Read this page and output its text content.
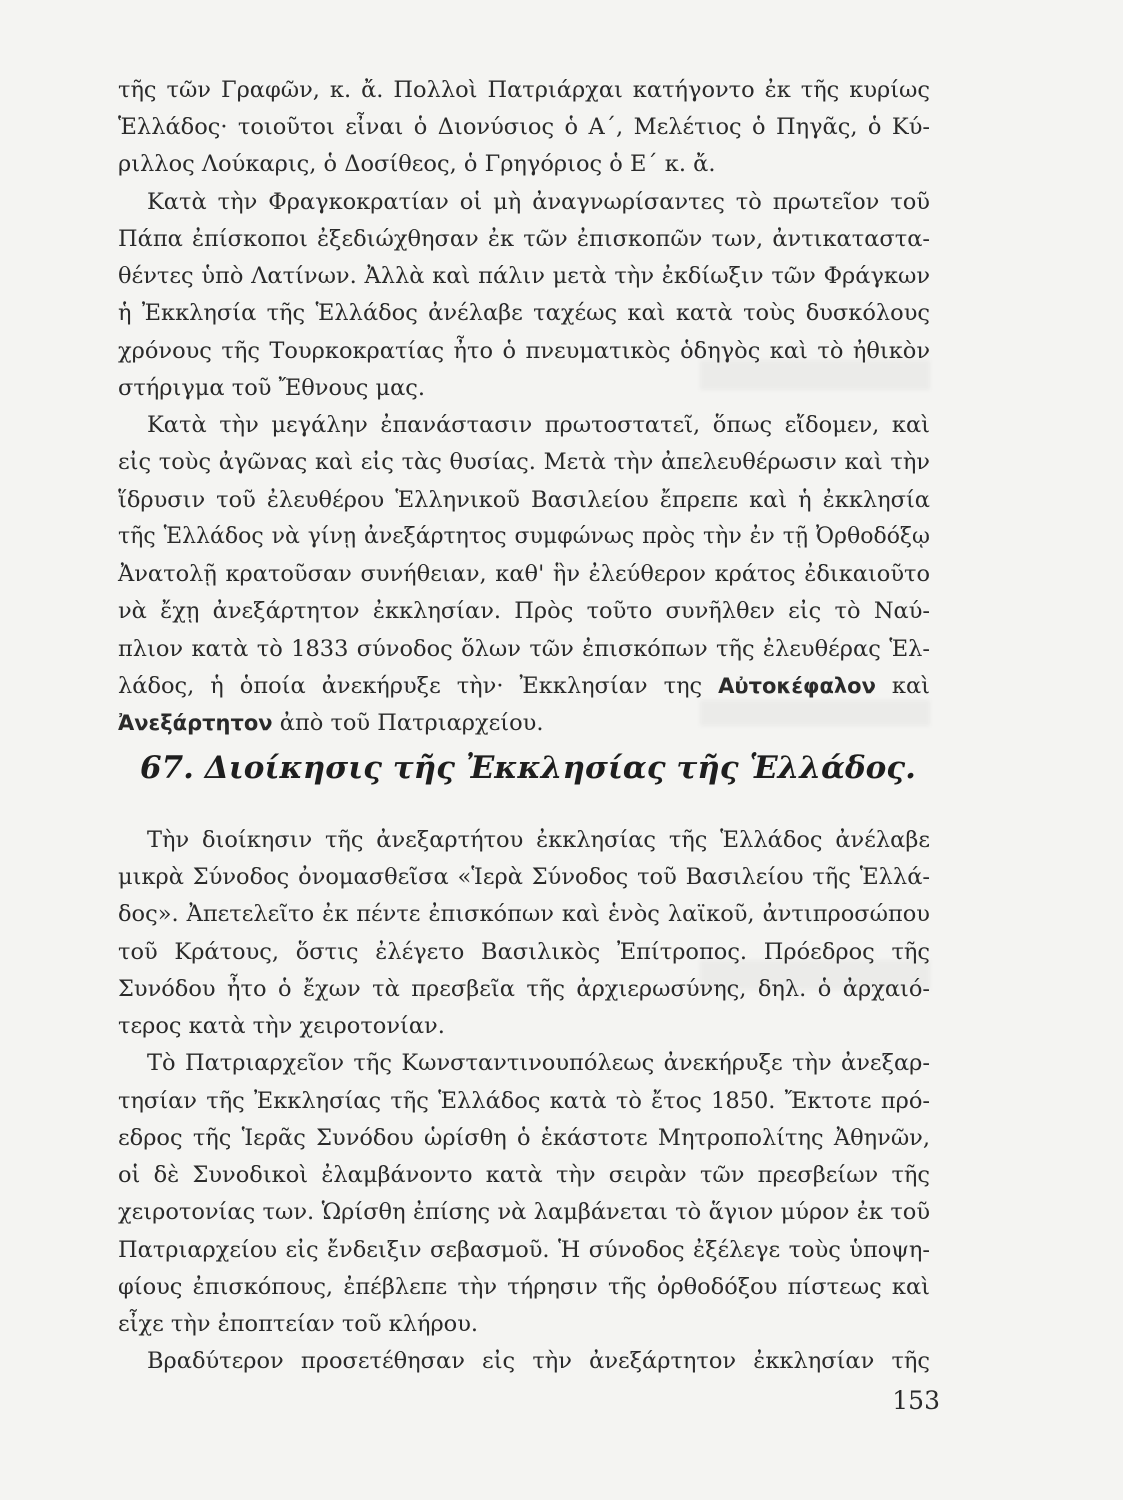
τῆς τῶν Γραφῶν, κ. ἄ. Πολλοὶ Πατριάρχαι κατήγοντο ἐκ τῆς κυρίως
Ἑλλάδος· τοιοῦτοι εἶναι ὁ Διονύσιος ὁ Α΄, Μελέτιος ὁ Πηγᾶς, ὁ Κύ-
ριλλος Λούκαρις, ὁ Δοσίθεος, ὁ Γρηγόριος ὁ Ε΄ κ. ἄ.
Κατὰ τὴν Φραγκοκρατίαν οἱ μὴ ἀναγνωρίσαντες τὸ πρωτεῖον τοῦ
Πάπα ἐπίσκοποι ἐξεδιώχθησαν ἐκ τῶν ἐπισκοπῶν των, ἀντικαταστα-
θέντες ὑπὸ Λατίνων. Ἀλλὰ καὶ πάλιν μετὰ τὴν ἐκδίωξιν τῶν Φράγκων
ἡ Ἐκκλησία τῆς Ἑλλάδος ἀνέλαβε ταχέως καὶ κατὰ τοὺς δυσκόλους
χρόνους τῆς Τουρκοκρατίας ἦτο ὁ πνευματικὸς ὁδηγὸς καὶ τὸ ἠθικὸν
στήριγμα τοῦ Ἔθνους μας.
Κατὰ τὴν μεγάλην ἐπανάστασιν πρωτοστατεῖ, ὅπως εἴδομεν, καὶ
εἰς τοὺς ἀγῶνας καὶ εἰς τὰς θυσίας. Μετὰ τὴν ἀπελευθέρωσιν καὶ τὴν
ἵδρυσιν τοῦ ἐλευθέρου Ἑλληνικοῦ Βασιλείου ἔπρεπε καὶ ἡ ἐκκλησία
τῆς Ἑλλάδος νὰ γίνῃ ἀνεξάρτητος συμφώνως πρὸς τὴν ἐν τῇ Ὀρθοδόξῳ
Ἀνατολῇ κρατοῦσαν συνήθειαν, καθ' ἣν ἐλεύθερον κράτος ἐδικαιοῦτο
νὰ ἔχῃ ἀνεξάρτητον ἐκκλησίαν. Πρὸς τοῦτο συνῆλθεν εἰς τὸ Ναύ-
πλιον κατὰ τὸ 1833 σύνοδος ὅλων τῶν ἐπισκόπων τῆς ἐλευθέρας Ἑλ-
λάδος, ἡ ὁποία ἀνεκήρυξε τὴν· Ἐκκλησίαν της Αὐτοκέφαλον καὶ
Ἀνεξάρτητον ἀπὸ τοῦ Πατριαρχείου.
67. Διοίκησις τῆς Ἐκκλησίας τῆς Ἑλλάδος.
Τὴν διοίκησιν τῆς ἀνεξαρτήτου ἐκκλησίας τῆς Ἑλλάδος ἀνέλαβε
μικρὰ Σύνοδος ὀνομασθεῖσα «Ἱερὰ Σύνοδος τοῦ Βασιλείου τῆς Ἑλλά-
δος». Ἀπετελεῖτο ἐκ πέντε ἐπισκόπων καὶ ἑνὸς λαϊκοῦ, ἀντιπροσώπου
τοῦ Κράτους, ὅστις ἐλέγετο Βασιλικὸς Ἐπίτροπος. Πρόεδρος τῆς
Συνόδου ἦτο ὁ ἔχων τὰ πρεσβεῖα τῆς ἀρχιερωσύνης, δηλ. ὁ ἀρχαιό-
τερος κατὰ τὴν χειροτονίαν.
Τὸ Πατριαρχεῖον τῆς Κωνσταντινουπόλεως ἀνεκήρυξε τὴν ἀνεξαρ-
τησίαν τῆς Ἐκκλησίας τῆς Ἑλλάδος κατὰ τὸ ἔτος 1850. Ἔκτοτε πρό-
εδρος τῆς Ἱερᾶς Συνόδου ὡρίσθη ὁ ἑκάστοτε Μητροπολίτης Ἀθηνῶν,
οἱ δὲ Συνοδικοὶ ἐλαμβάνοντο κατὰ τὴν σειρὰν τῶν πρεσβείων τῆς
χειροτονίας των. Ὡρίσθη ἐπίσης νὰ λαμβάνεται τὸ ἅγιον μύρον ἐκ τοῦ
Πατριαρχείου εἰς ἔνδειξιν σεβασμοῦ. Ἡ σύνοδος ἐξέλεγε τοὺς ὑποψη-
φίους ἐπισκόπους, ἐπέβλεπε τὴν τήρησιν τῆς ὀρθοδόξου πίστεως καὶ
εἶχε τὴν ἐποπτείαν τοῦ κλήρου.
Βραδύτερον προσετέθησαν εἰς τὴν ἀνεξάρτητον ἐκκλησίαν τῆς
153
